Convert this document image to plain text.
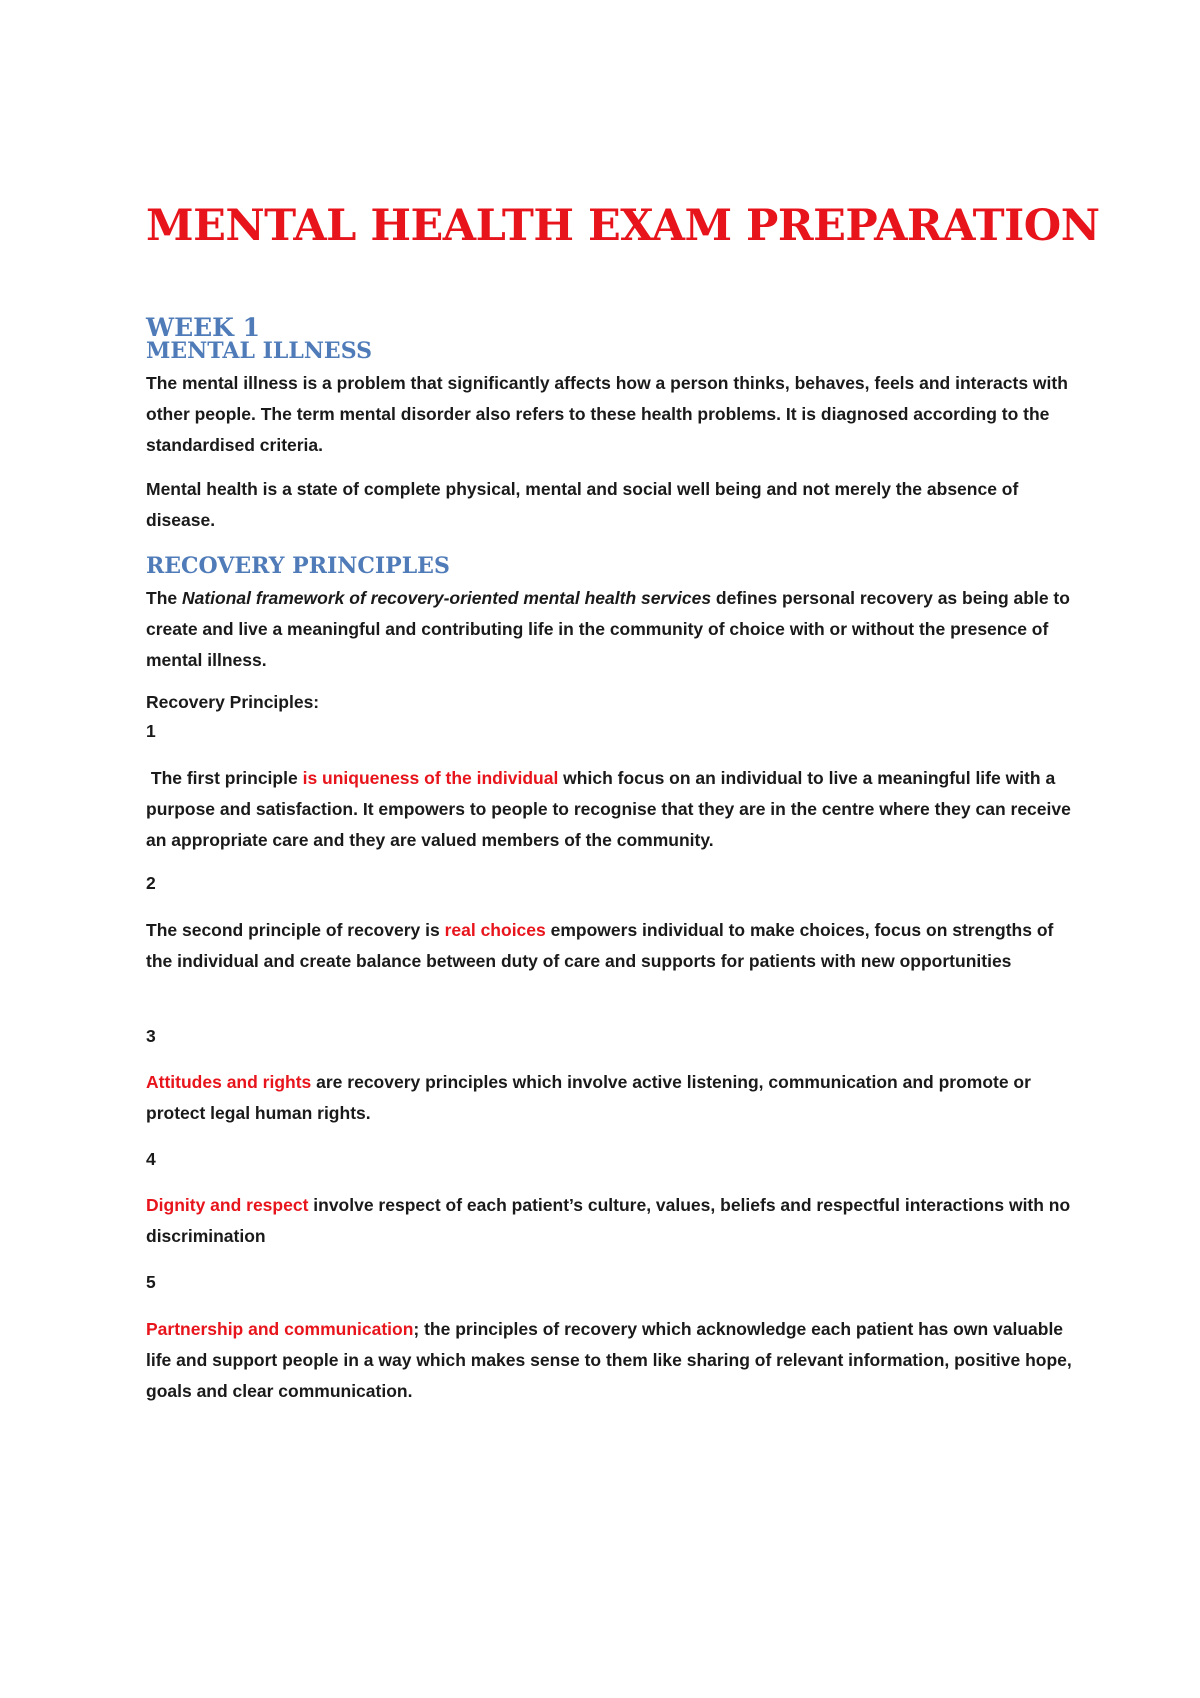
MENTAL HEALTH EXAM PREPARATION
WEEK 1
MENTAL ILLNESS

The mental illness is a problem that significantly affects how a person thinks, behaves, feels and interacts with other people. The term mental disorder also refers to these health problems. It is diagnosed according to the standardised criteria.

Mental health is a state of complete physical, mental and social well being and not merely the absence of disease.

RECOVERY PRINCIPLES

The National framework of recovery-oriented mental health services defines personal recovery as being able to create and live a meaningful and contributing life in the community of choice with or without the presence of mental illness.

Recovery Principles:

1

The first principle is uniqueness of the individual which focus on an individual to live a meaningful life with a purpose and satisfaction. It empowers to people to recognise that they are in the centre where they can receive an appropriate care and they are valued members of the community.

2

The second principle of recovery is real choices empowers individual to make choices, focus on strengths of the individual and create balance between duty of care and supports for patients with new opportunities

3

Attitudes and rights are recovery principles which involve active listening, communication and promote or protect legal human rights.

4

Dignity and respect involve respect of each patient’s culture, values, beliefs and respectful interactions with no discrimination

5

Partnership and communication; the principles of recovery which acknowledge each patient has own valuable life and support people in a way which makes sense to them like sharing of relevant information, positive hope, goals and clear communication.
